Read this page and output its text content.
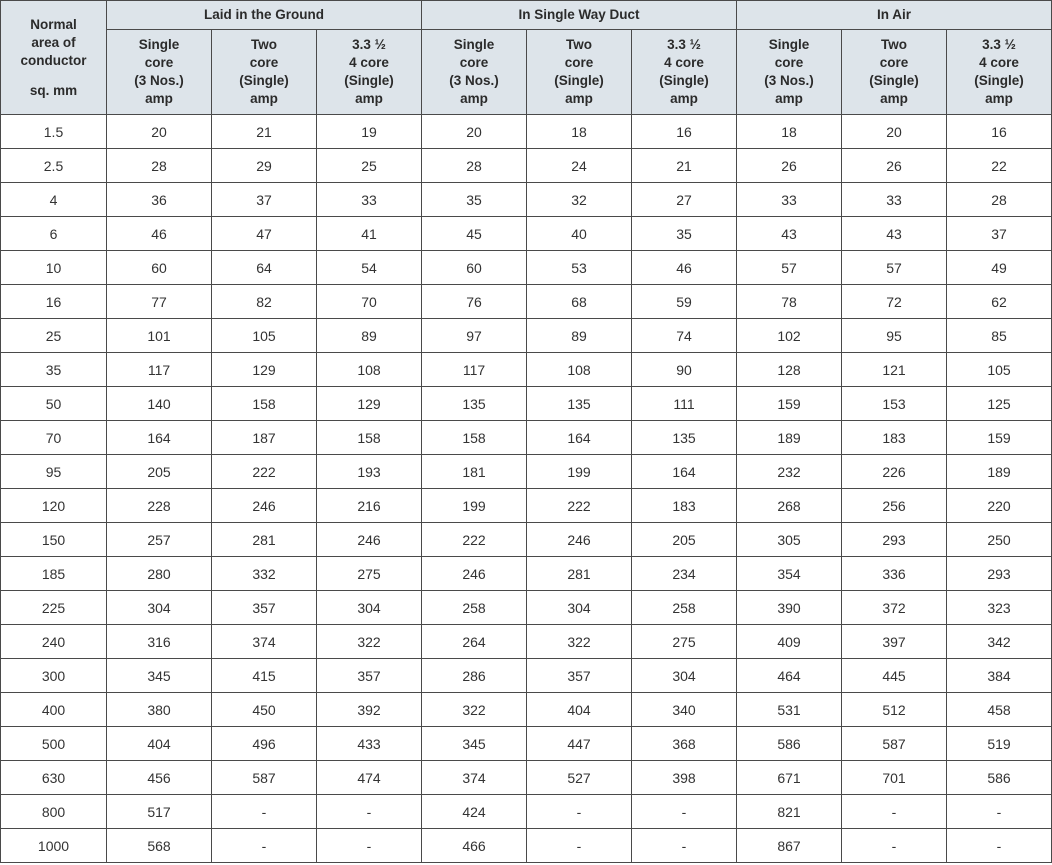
Normal
area of
conductor
sq. mm	Laid in the Ground			In Single Way Duct			In Air		

	Single
core
(3 Nos.)
amp	Two
core
(Single)
amp	3.3 ½
4 core
(Single)
amp	Single
core
(3 Nos.)
amp	Two
core
(Single)
amp	3.3 ½
4 core
(Single)
amp	Single
core
(3 Nos.)
amp	Two
core
(Single)
amp	3.3 ½
4 core
(Single)
amp

1.5	20	21	19	20	18	16	18	20	16
2.5	28	29	25	28	24	21	26	26	22
4	36	37	33	35	32	27	33	33	28
6	46	47	41	45	40	35	43	43	37
10	60	64	54	60	53	46	57	57	49
16	77	82	70	76	68	59	78	72	62
25	101	105	89	97	89	74	102	95	85
35	117	129	108	117	108	90	128	121	105
50	140	158	129	135	135	111	159	153	125
70	164	187	158	158	164	135	189	183	159
95	205	222	193	181	199	164	232	226	189
120	228	246	216	199	222	183	268	256	220
150	257	281	246	222	246	205	305	293	250
185	280	332	275	246	281	234	354	336	293
225	304	357	304	258	304	258	390	372	323
240	316	374	322	264	322	275	409	397	342
300	345	415	357	286	357	304	464	445	384
400	380	450	392	322	404	340	531	512	458
500	404	496	433	345	447	368	586	587	519
630	456	587	474	374	527	398	671	701	586
800	517	-	-	424	-	-	821	-	-
1000	568	-	-	466	-	-	867	-	-
